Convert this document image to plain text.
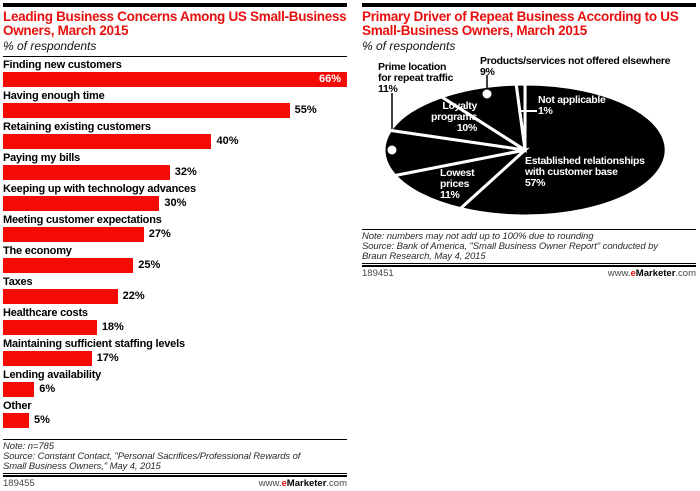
Leading Business Concerns Among US Small-Business
Owners, March 2015
% of respondents
Finding new customers
66%
Having enough time
55%
Retaining existing customers
40%
Paying my bills
32%
Keeping up with technology advances
30%
Meeting customer expectations
27%
The economy
25%
Taxes
22%
Healthcare costs
18%
Maintaining sufficient staffing levels
17%
Lending availability
6%
Other
5%
Note: n=785
Source: Constant Contact, "Personal Sacrifices/Professional Rewards of
Small Business Owners," May 4, 2015
189455	www.eMarketer.com
Primary Driver of Repeat Business According to US
Small-Business Owners, March 2015
% of respondents
Products/services not offered elsewhere
9%
Prime location
for repeat traffic
11%
Not applicable
1%
Loyalty
programs
10%
Lowest
prices
11%
Established relationships
with customer base
57%
Note: numbers may not add up to 100% due to rounding
Source: Bank of America, "Small Business Owner Report" conducted by
Braun Research, May 4, 2015
189451	www.eMarketer.com
